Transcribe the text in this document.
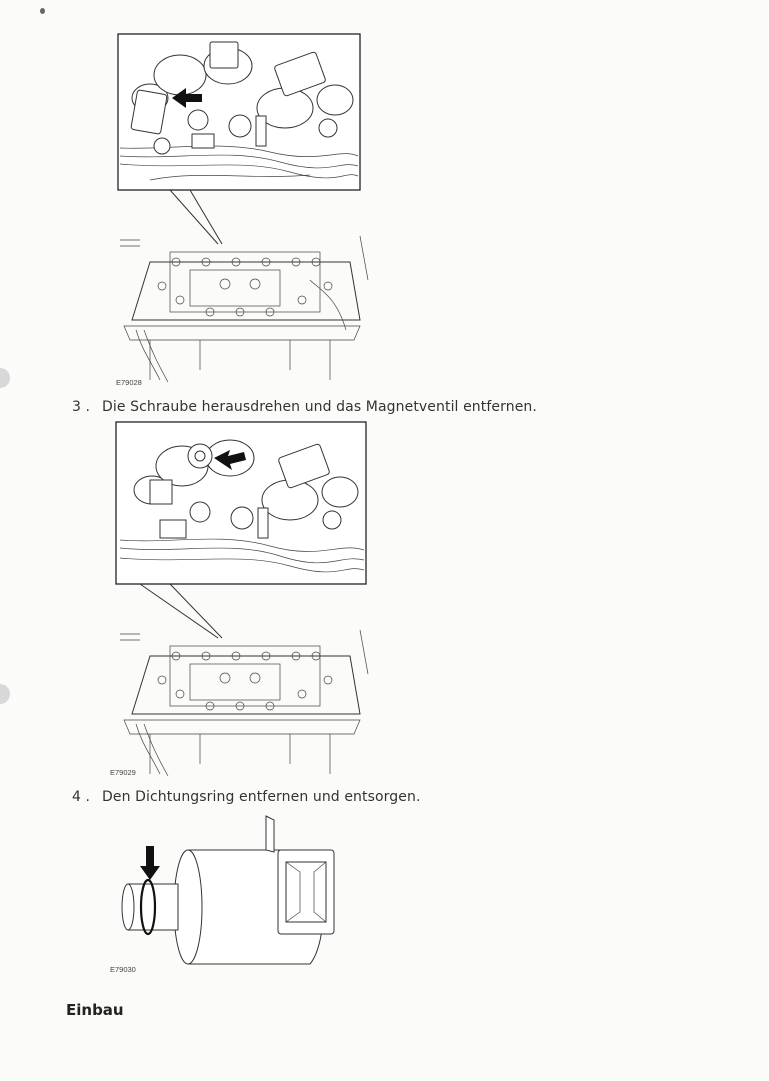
E79028
3 . Die Schraube herausdrehen und das Magnetventil entfernen.
E79029
4 . Den Dichtungsring entfernen und entsorgen.
E79030
Einbau
